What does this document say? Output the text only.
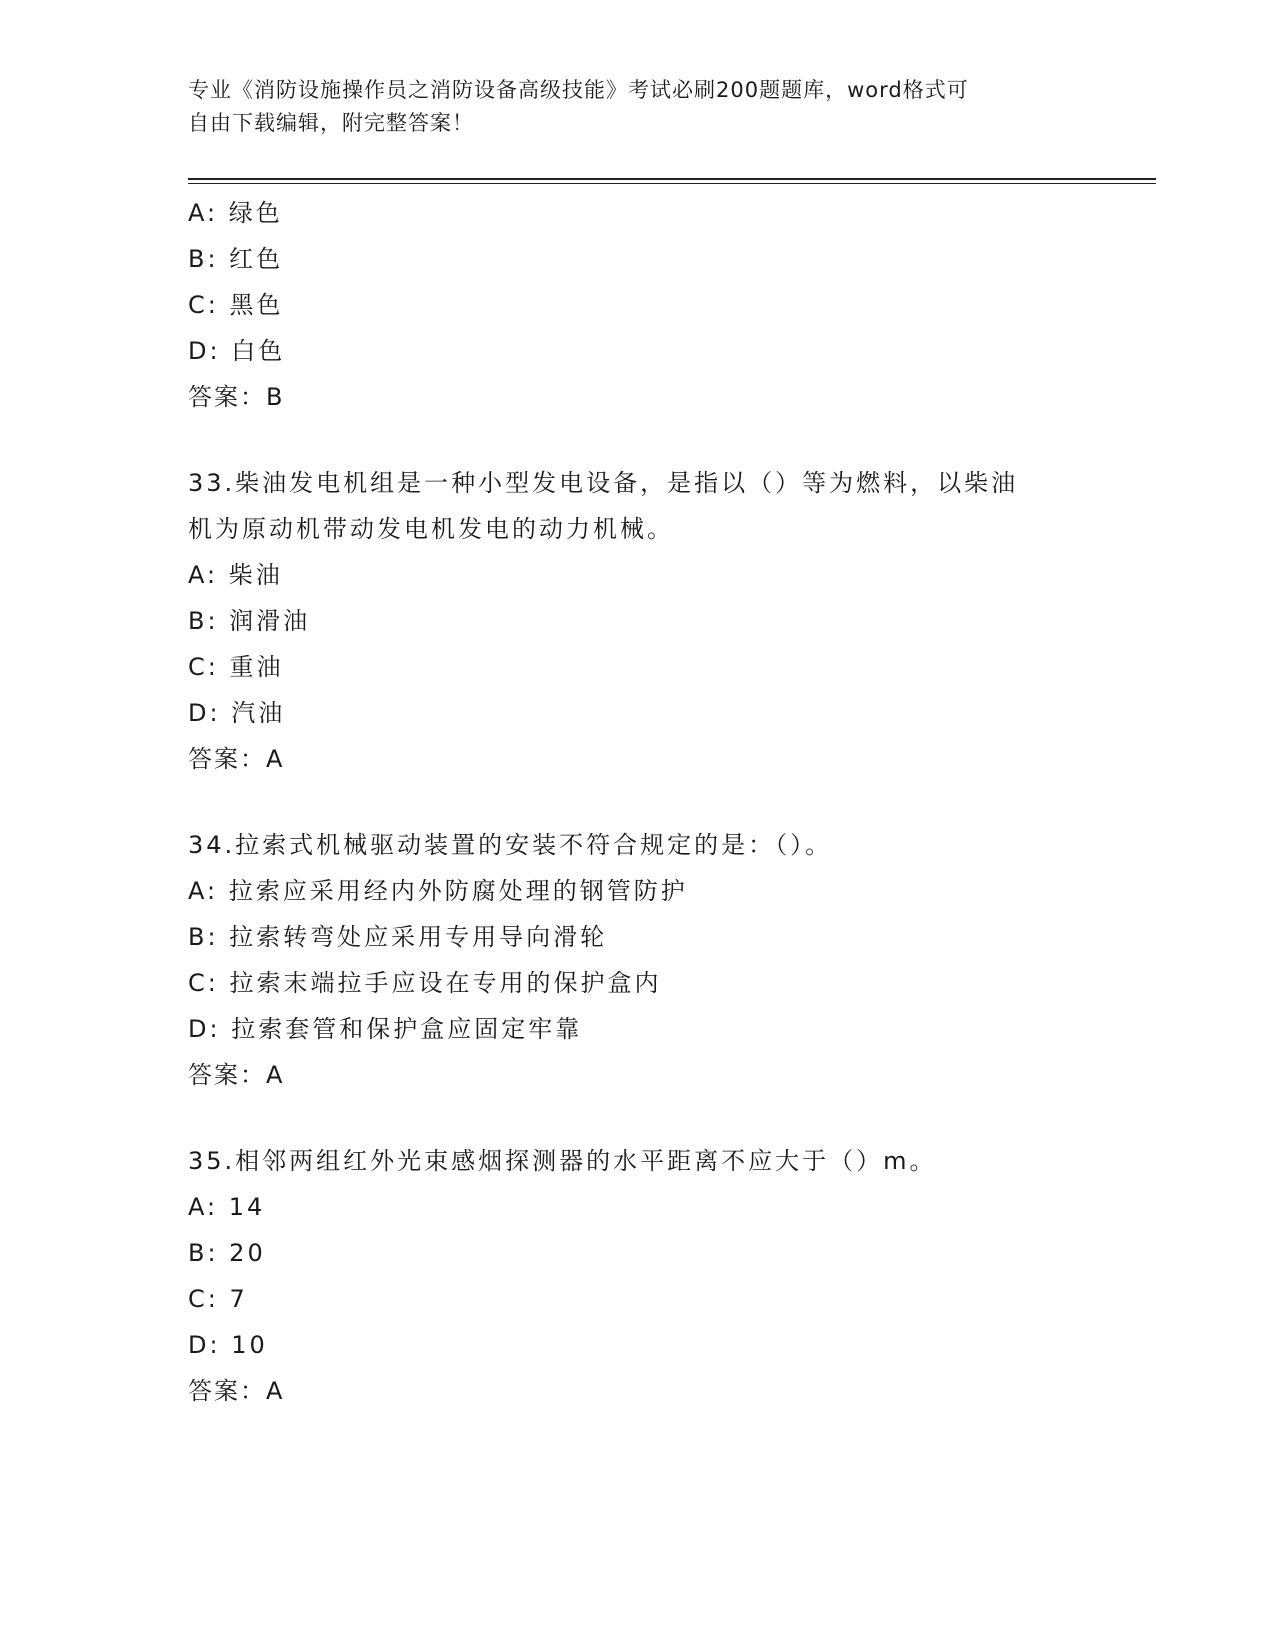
专业《消防设施操作员之消防设备高级技能》考试必刷200题题库，word格式可
自由下载编辑，附完整答案！
A: 绿色
B: 红色
C: 黑色
D: 白色
答案：B
33.柴油发电机组是一种小型发电设备，是指以（）等为燃料，以柴油
机为原动机带动发电机发电的动力机械。
A: 柴油
B: 润滑油
C: 重油
D: 汽油
答案：A
34.拉索式机械驱动装置的安装不符合规定的是：（）。
A: 拉索应采用经内外防腐处理的钢管防护
B: 拉索转弯处应采用专用导向滑轮
C: 拉索末端拉手应设在专用的保护盒内
D: 拉索套管和保护盒应固定牢靠
答案：A
35.相邻两组红外光束感烟探测器的水平距离不应大于（）m。
A: 14
B: 20
C: 7
D: 10
答案：A
